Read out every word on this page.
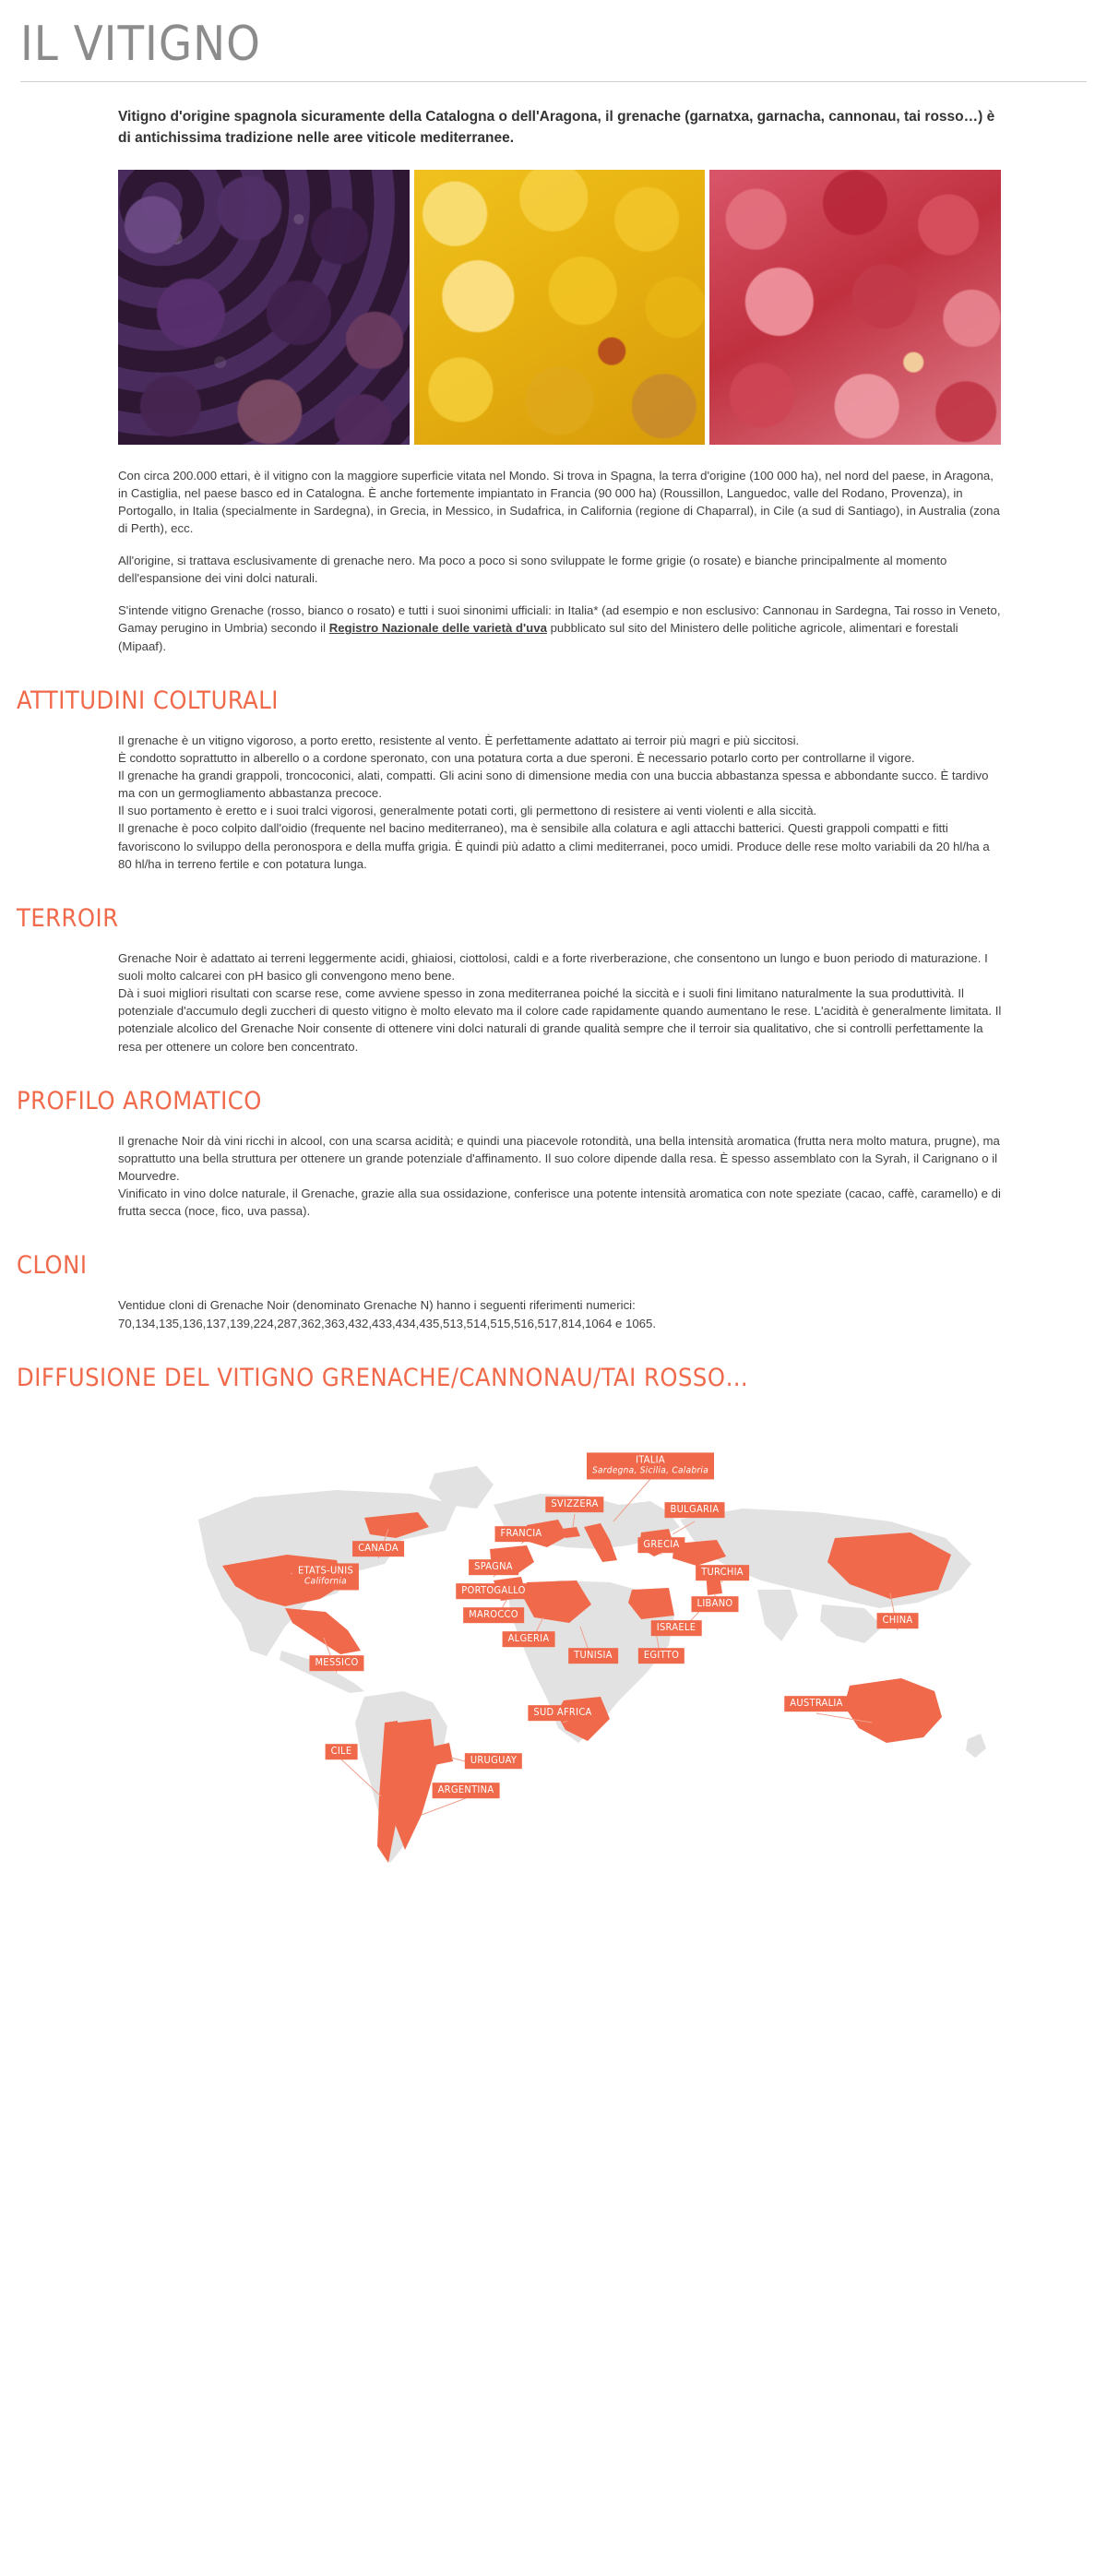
IL VITIGNO

Vitigno d'origine spagnola sicuramente della Catalogna o dell'Aragona, il grenache (garnatxa, garnacha, cannonau, tai rosso…) è di antichissima tradizione nelle aree viticole mediterranee.

Con circa 200.000 ettari, è il vitigno con la maggiore superficie vitata nel Mondo. Si trova in Spagna, la terra d'origine (100 000 ha), nel nord del paese, in Aragona, in Castiglia, nel paese basco ed in Catalogna. È anche fortemente impiantato in Francia (90 000 ha) (Roussillon, Languedoc, valle del Rodano, Provenza), in Portogallo, in Italia (specialmente in Sardegna), in Grecia, in Messico, in Sudafrica, in California (regione di Chaparral), in Cile (a sud di Santiago), in Australia (zona di Perth), ecc.

All'origine, si trattava esclusivamente di grenache nero. Ma poco a poco si sono sviluppate le forme grigie (o rosate) e bianche principalmente al momento dell'espansione dei vini dolci naturali.

S'intende vitigno Grenache (rosso, bianco o rosato) e tutti i suoi sinonimi ufficiali: in Italia* (ad esempio e non esclusivo: Cannonau in Sardegna, Tai rosso in Veneto, Gamay perugino in Umbria) secondo il Registro Nazionale delle varietà d'uva pubblicato sul sito del Ministero delle politiche agricole, alimentari e forestali (Mipaaf).

ATTITUDINI COLTURALI

Il grenache è un vitigno vigoroso, a porto eretto, resistente al vento. È perfettamente adattato ai terroir più magri e più siccitosi.

È condotto soprattutto in alberello o a cordone speronato, con una potatura corta a due speroni. È necessario potarlo corto per controllarne il vigore.

Il grenache ha grandi grappoli, troncoconici, alati, compatti. Gli acini sono di dimensione media con una buccia abbastanza spessa e abbondante succo. È tardivo ma con un germogliamento abbastanza precoce.

Il suo portamento è eretto e i suoi tralci vigorosi, generalmente potati corti, gli permettono di resistere ai venti violenti e alla siccità.

Il grenache è poco colpito dall'oidio (frequente nel bacino mediterraneo), ma è sensibile alla colatura e agli attacchi batterici. Questi grappoli compatti e fitti favoriscono lo sviluppo della peronospora e della muffa grigia. È quindi più adatto a climi mediterranei, poco umidi. Produce delle rese molto variabili da 20 hl/ha a 80 hl/ha in terreno fertile e con potatura lunga.

TERROIR

Grenache Noir è adattato ai terreni leggermente acidi, ghiaiosi, ciottolosi, caldi e a forte riverberazione, che consentono un lungo e buon periodo di maturazione. I suoli molto calcarei con pH basico gli convengono meno bene.

Dà i suoi migliori risultati con scarse rese, come avviene spesso in zona mediterranea poiché la siccità e i suoli fini limitano naturalmente la sua produttività. Il potenziale d'accumulo degli zuccheri di questo vitigno è molto elevato ma il colore cade rapidamente quando aumentano le rese. L'acidità è generalmente limitata. Il potenziale alcolico del Grenache Noir consente di ottenere vini dolci naturali di grande qualità sempre che il terroir sia qualitativo, che si controlli perfettamente la resa per ottenere un colore ben concentrato.

PROFILO AROMATICO

Il grenache Noir dà vini ricchi in alcool, con una scarsa acidità; e quindi una piacevole rotondità, una bella intensità aromatica (frutta nera molto matura, prugne), ma soprattutto una bella struttura per ottenere un grande potenziale d'affinamento. Il suo colore dipende dalla resa. È spesso assemblato con la Syrah, il Carignano o il Mourvedre.

Vinificato in vino dolce naturale, il Grenache, grazie alla sua ossidazione, conferisce una potente intensità aromatica con note speziate (cacao, caffè, caramello) e di frutta secca (noce, fico, uva passa).

CLONI

Ventidue cloni di Grenache Noir (denominato Grenache N) hanno i seguenti riferimenti numerici:

70,134,135,136,137,139,224,287,362,363,432,433,434,435,513,514,515,516,517,814,1064 e 1065.

DIFFUSIONE DEL VITIGNO GRENACHE/CANNONAU/TAI ROSSO…
ITALIA
Sardegna, Sicilia, Calabria
SVIZZERA	BULGARIA
FRANCIA
GRECIA
CANADA
SPAGNA	TURCHIA
ETATS-UNIS
California
PORTOGALLO
LIBANO
MAROCCO	CHINA
ISRAELE
ALGERIA
TUNISIA	EGITTO
MESSICO
AUSTRALIA
SUD AFRICA
CILE
URUGUAY
ARGENTINA
